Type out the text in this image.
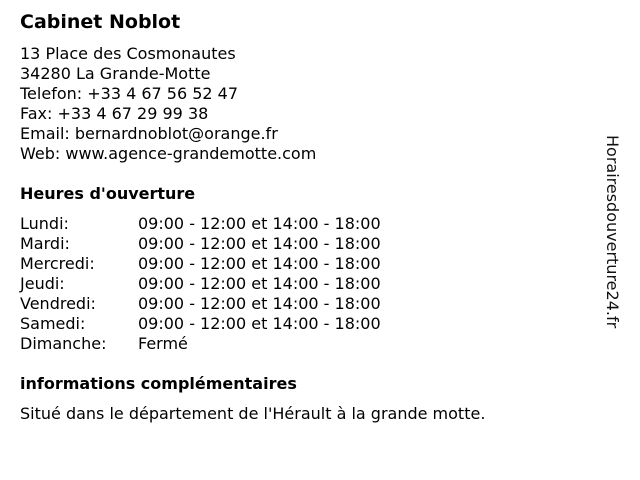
Cabinet Noblot
13 Place des Cosmonautes
34280 La Grande-Motte
Telefon: +33 4 67 56 52 47
Fax: +33 4 67 29 99 38
Email: bernardnoblot@orange.fr
Web: www.agence-grandemotte.com
Heures d'ouverture
Lundi:	09:00 - 12:00 et 14:00 - 18:00
Mardi:	09:00 - 12:00 et 14:00 - 18:00
Mercredi:	09:00 - 12:00 et 14:00 - 18:00
Jeudi:	09:00 - 12:00 et 14:00 - 18:00
Vendredi:	09:00 - 12:00 et 14:00 - 18:00
Samedi:	09:00 - 12:00 et 14:00 - 18:00
Dimanche: Fermé
informations complémentaires
Situé dans le département de l'Hérault à la grande motte.
Horairesdouverture24.fr
